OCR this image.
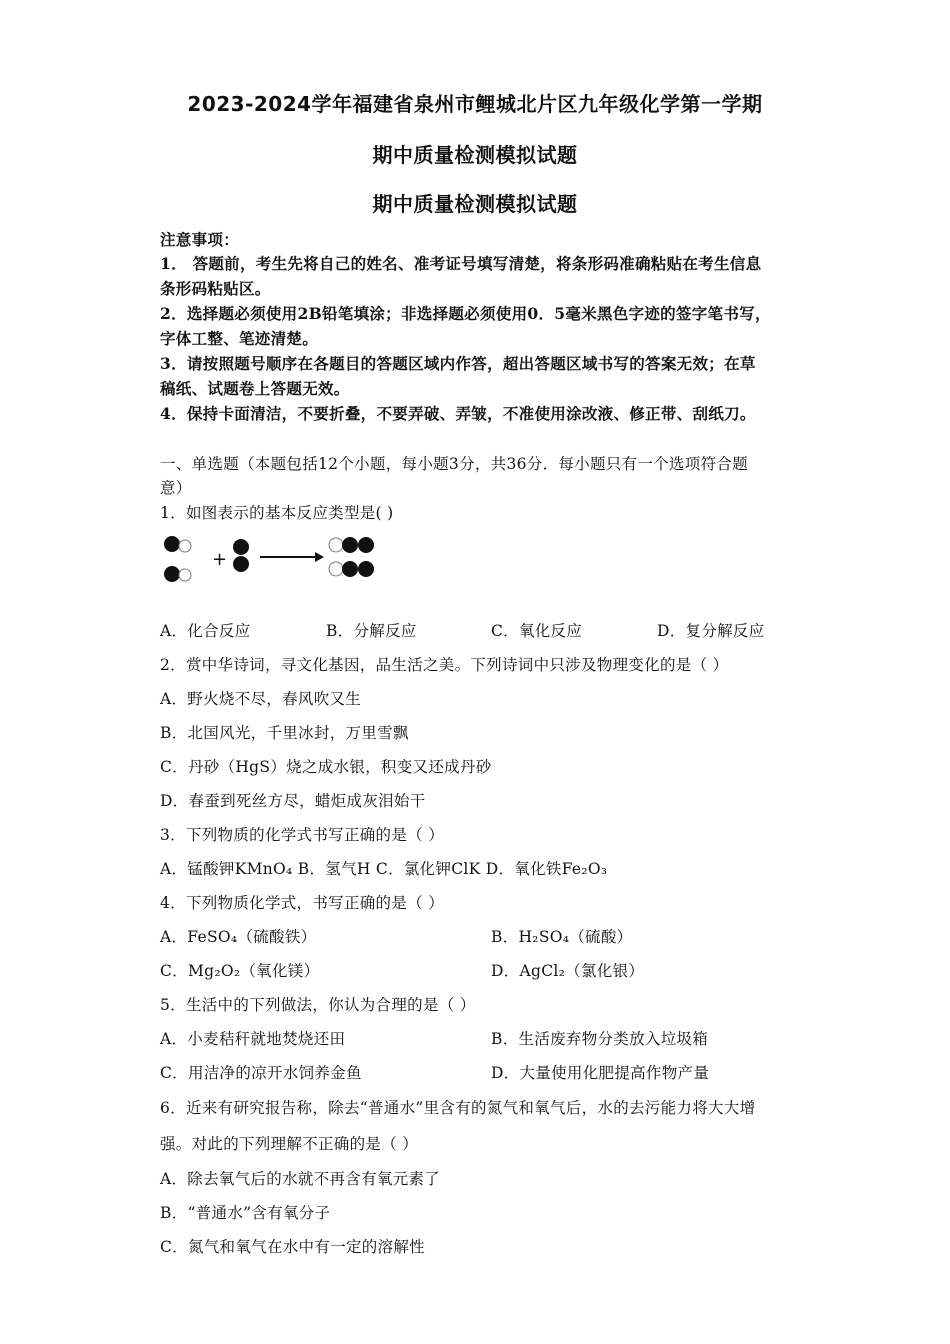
2023-2024学年福建省泉州市鲤城北片区九年级化学第一学期
期中质量检测模拟试题
期中质量检测模拟试题
注意事项：
1． 答题前，考生先将自己的姓名、准考证号填写清楚，将条形码准确粘贴在考生信息
条形码粘贴区。
2．选择题必须使用2B铅笔填涂；非选择题必须使用0．5毫米黑色字迹的签字笔书写，
字体工整、笔迹清楚。
3．请按照题号顺序在各题目的答题区域内作答，超出答题区域书写的答案无效；在草
稿纸、试题卷上答题无效。
4．保持卡面清洁，不要折叠，不要弄破、弄皱，不准使用涂改液、修正带、刮纸刀。
一、单选题（本题包括12个小题，每小题3分，共36分．每小题只有一个选项符合题
意）
1．如图表示的基本反应类型是( )
+
A．化合反应	B．分解反应	C．氧化反应	D．复分解反应
2．赏中华诗词，寻文化基因，品生活之美。下列诗词中只涉及物理变化的是（ ）
A．野火烧不尽，春风吹又生
B．北国风光，千里冰封，万里雪飘
C．丹砂（HgS）烧之成水银，积变又还成丹砂
D．春蚕到死丝方尽，蜡炬成灰泪始干
3．下列物质的化学式书写正确的是（ ）
A．锰酸钾KMnO₄ B．氢气H C．氯化钾ClK D．氧化铁Fe₂O₃
4．下列物质化学式，书写正确的是（ ）
A．FeSO₄（硫酸铁）	B．H₂SO₄（硫酸）
C．Mg₂O₂（氧化镁）	D．AgCl₂（氯化银）
5．生活中的下列做法，你认为合理的是（ ）
A．小麦秸秆就地焚烧还田	B．生活废弃物分类放入垃圾箱
C．用洁净的凉开水饲养金鱼	D．大量使用化肥提高作物产量
6．近来有研究报告称，除去“普通水”里含有的氮气和氧气后，水的去污能力将大大增
强。对此的下列理解不正确的是（ ）
A．除去氧气后的水就不再含有氧元素了
B．“普通水”含有氧分子
C．氮气和氧气在水中有一定的溶解性
